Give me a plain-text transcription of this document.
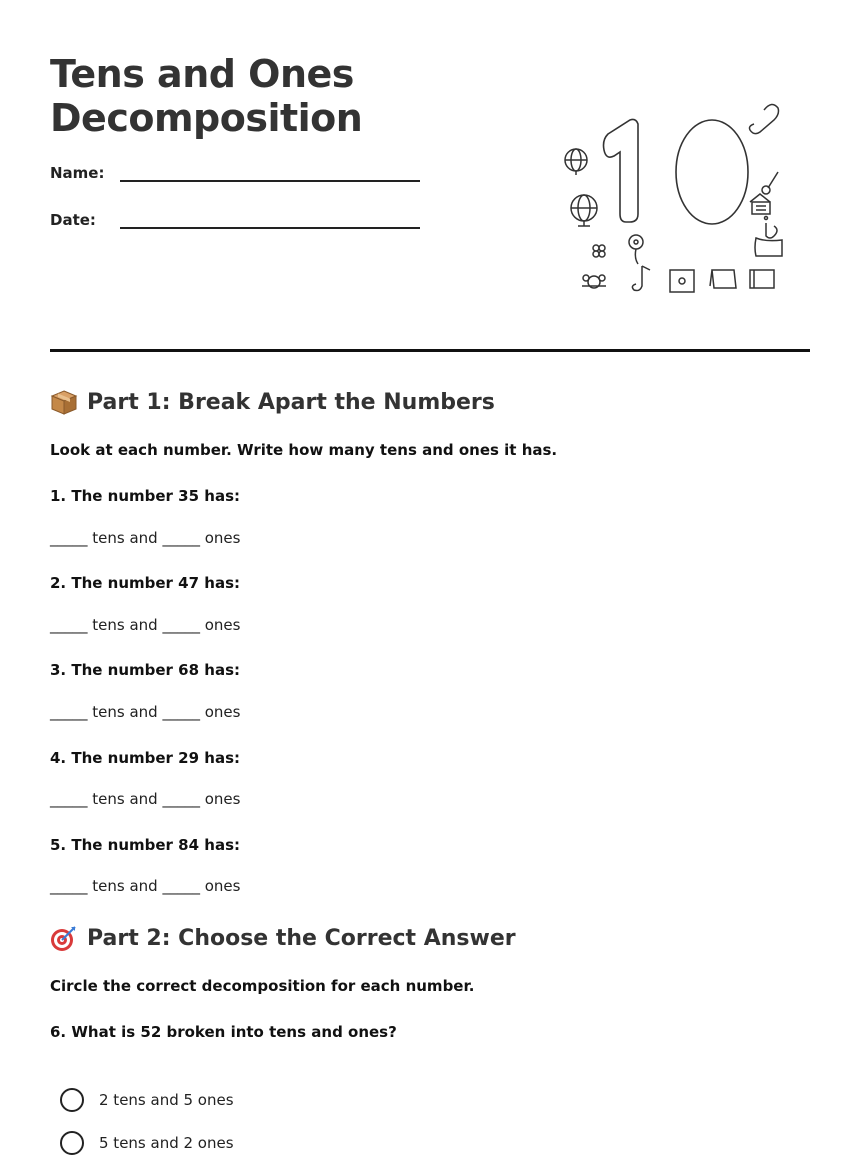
Tens and Ones
Decomposition
Name:
Date:
Part 1: Break Apart the Numbers
Look at each number. Write how many tens and ones it has.
1. The number 35 has:
_____ tens and _____ ones
2. The number 47 has:
_____ tens and _____ ones
3. The number 68 has:
_____ tens and _____ ones
4. The number 29 has:
_____ tens and _____ ones
5. The number 84 has:
_____ tens and _____ ones
Part 2: Choose the Correct Answer
Circle the correct decomposition for each number.
6. What is 52 broken into tens and ones?
2 tens and 5 ones
5 tens and 2 ones
